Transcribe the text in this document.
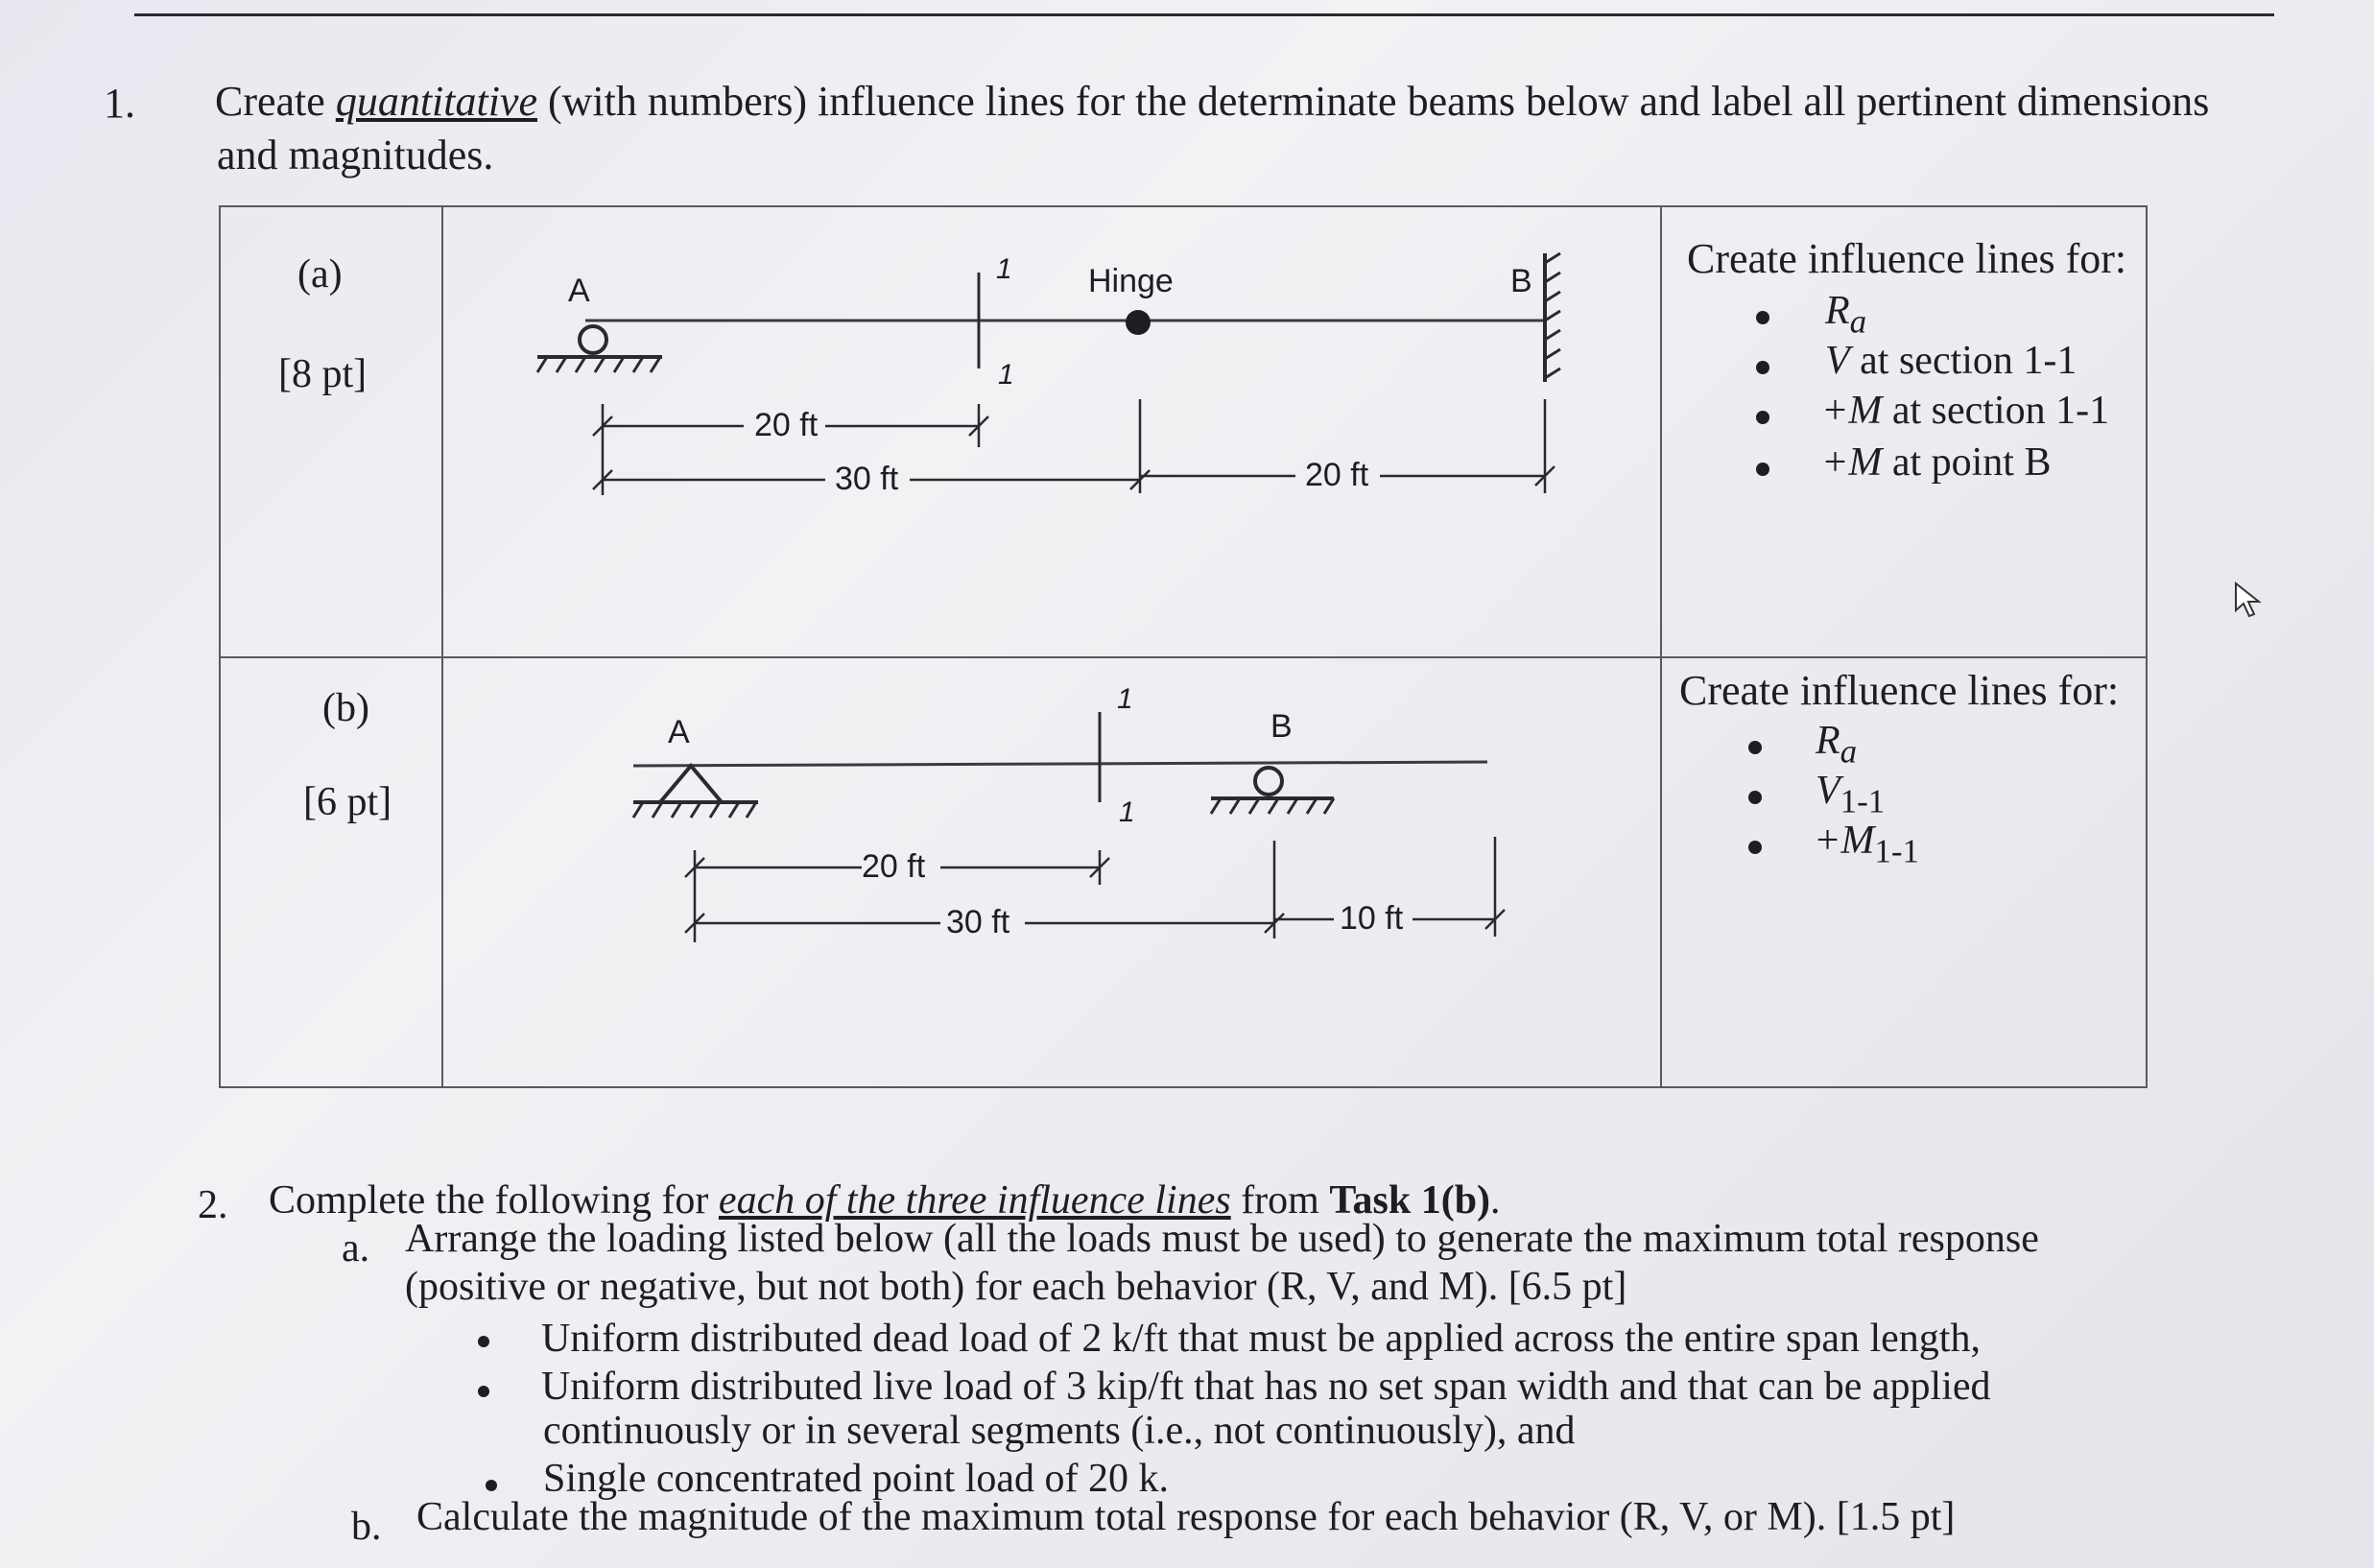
1. Create quantitative (with numbers) influence lines for the determinate beams below and label all pertinent dimensions
and magnitudes.
(a)
[8 pt]
A	Hinge	B
1
1
20 ft
30 ft	20 ft
Create influence lines for:
$R_a$
V at section 1-1
+M at section 1-1
+M at point B
(b)
[6 pt]
A	B
1
1
20 ft
30 ft	10 ft
Create influence lines for:
$R_a$
$V_{1-1}$
$+M_{1-1}$
2. Complete the following for each of the three influence lines from Task 1(b).
a. Arrange the loading listed below (all the loads must be used) to generate the maximum total response
(positive or negative, but not both) for each behavior (R, V, and M). [6.5 pt]
Uniform distributed dead load of 2 k/ft that must be applied across the entire span length,
Uniform distributed live load of 3 kip/ft that has no set span width and that can be applied
continuously or in several segments (i.e., not continuously), and
Single concentrated point load of 20 k.
b. Calculate the magnitude of the maximum total response for each behavior (R, V, or M). [1.5 pt]
